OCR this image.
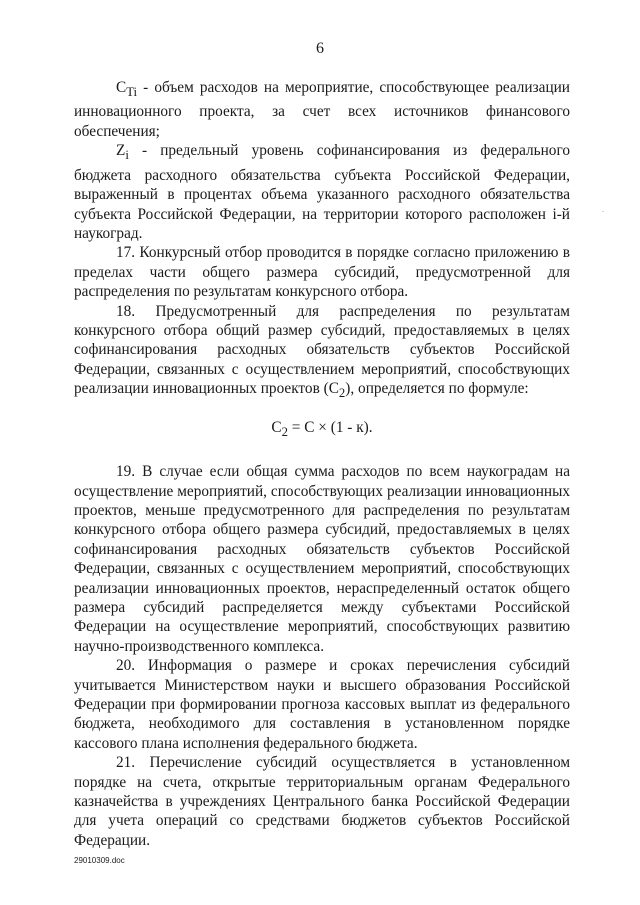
6

$C_{Ti}$ - объем расходов на мероприятие, способствующее реализации инновационного проекта, за счет всех источников финансового обеспечения;

$Z_i$ - предельный уровень софинансирования из федерального бюджета расходного обязательства субъекта Российской Федерации, выраженный в процентах объема указанного расходного обязательства субъекта Российской Федерации, на территории которого расположен i-й наукоград.

17. Конкурсный отбор проводится в порядке согласно приложению в пределах части общего размера субсидий, предусмотренной для распределения по результатам конкурсного отбора.

18. Предусмотренный для распределения по результатам конкурсного отбора общий размер субсидий, предоставляемых в целях софинансирования расходных обязательств субъектов Российской Федерации, связанных с осуществлением мероприятий, способствующих реализации инновационных проектов $(C_2)$, определяется по формуле:

$C_2 = C \times (1 - к)$.

19. В случае если общая сумма расходов по всем наукоградам на осуществление мероприятий, способствующих реализации инновационных проектов, меньше предусмотренного для распределения по результатам конкурсного отбора общего размера субсидий, предоставляемых в целях софинансирования расходных обязательств субъектов Российской Федерации, связанных с осуществлением мероприятий, способствующих реализации инновационных проектов, нераспределенный остаток общего размера субсидий распределяется между субъектами Российской Федерации на осуществление мероприятий, способствующих развитию научно-производственного комплекса.

20. Информация о размере и сроках перечисления субсидий учитывается Министерством науки и высшего образования Российской Федерации при формировании прогноза кассовых выплат из федерального бюджета, необходимого для составления в установленном порядке кассового плана исполнения федерального бюджета.

21. Перечисление субсидий осуществляется в установленном порядке на счета, открытые территориальным органам Федерального казначейства в учреждениях Центрального банка Российской Федерации для учета операций со средствами бюджетов субъектов Российской Федерации.

.
29010309.doc
